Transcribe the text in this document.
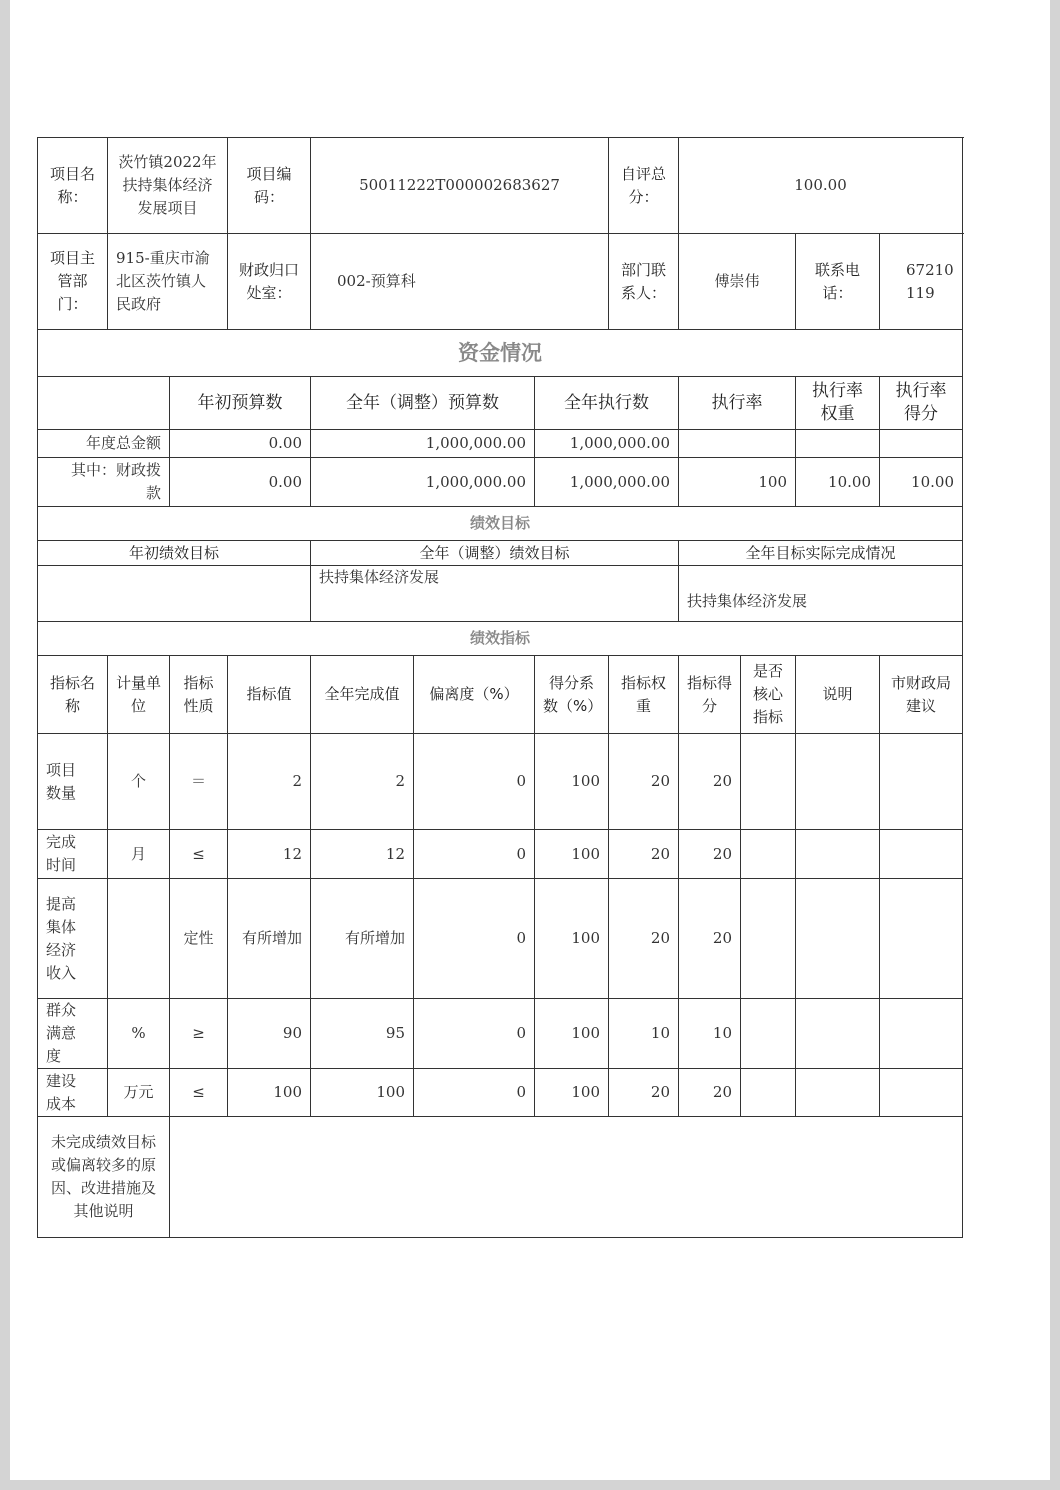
项目名称：	茨竹镇2022年扶持集体经济发展项目		项目编码：	50011222T000002683627			自评总分：	100.00			
项目主管部门：	915-重庆市渝北区茨竹镇人民政府		财政归口处室：	002-预算科			部门联系人：	傅崇伟		联系电话：	67210119
资金情况											
		年初预算数		全年（调整）预算数		全年执行数		执行率		执行率权重	执行率得分
年度总金额		0.00		1,000,000.00		1,000,000.00					
其中：财政拨款		0.00		1,000,000.00		1,000,000.00		100		10.00	10.00
绩效目标											
年初绩效目标				全年（调整）绩效目标				全年目标实际完成情况			
				扶持集体经济发展				扶持集体经济发展			
绩效指标											
指标名称	计量单位	指标性质	指标值	全年完成值	偏离度（%）	得分系数（%）	指标权重	指标得分	是否核心指标	说明	市财政局建议
项目数量	个	＝	2	2	0	100	20	20			
完成时间	月	≤	12	12	0	100	20	20			
提高集体经济收入		定性	有所增加	有所增加	0	100	20	20			
群众满意度	%	≥	90	95	0	100	10	10			
建设成本	万元	≤	100	100	0	100	20	20			
未完成绩效目标或偏离较多的原因、改进措施及其他说明											
